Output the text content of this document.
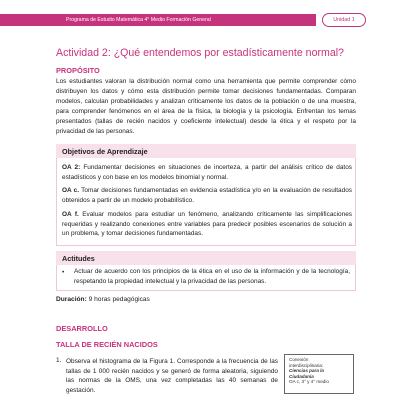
Programa de Estudio Matemática 4° Medio Formación General	Unidad 1
Actividad 2: ¿Qué entendemos por estadísticamente normal?
PROPÓSITO
Los estudiantes valoran la distribución normal como una herramienta que permite comprender cómo distribuyen los datos y cómo esta distribución permite tomar decisiones fundamentadas. Comparan modelos, calculan probabilidades y analizan críticamente los datos de la población o de una muestra, para comprender fenómenos en el área de la física, la biología y la psicología. Enfrentan los temas presentados (tallas de recién nacidos y coeficiente intelectual) desde la ética y el respeto por la privacidad de las personas.
Objetivos de Aprendizaje
OA 2: Fundamentar decisiones en situaciones de incerteza, a partir del análisis crítico de datos estadísticos y con base en los modelos binomial y normal.
OA c. Tomar decisiones fundamentadas en evidencia estadística y/o en la evaluación de resultados obtenidos a partir de un modelo probabilístico.
OA f. Evaluar modelos para estudiar un fenómeno, analizando críticamente las simplificaciones requeridas y realizando conexiones entre variables para predecir posibles escenarios de solución a un problema, y tomar decisiones fundamentadas.
Actitudes
• Actuar de acuerdo con los principios de la ética en el uso de la información y de la tecnología, respetando la propiedad intelectual y la privacidad de las personas.
Duración: 9 horas pedagógicas
DESARROLLO
TALLA DE RECIÉN NACIDOS
1. Observa el histograma de la Figura 1. Corresponde a la frecuencia de las tallas de 1 000 recién nacidos y se generó de forma aleatoria, siguiendo las normas de la OMS, una vez completadas las 40 semanas de gestación.
Conexión
interdisciplinaria:
Ciencias para la
Ciudadanía
OA c, 3° y 4° medio
